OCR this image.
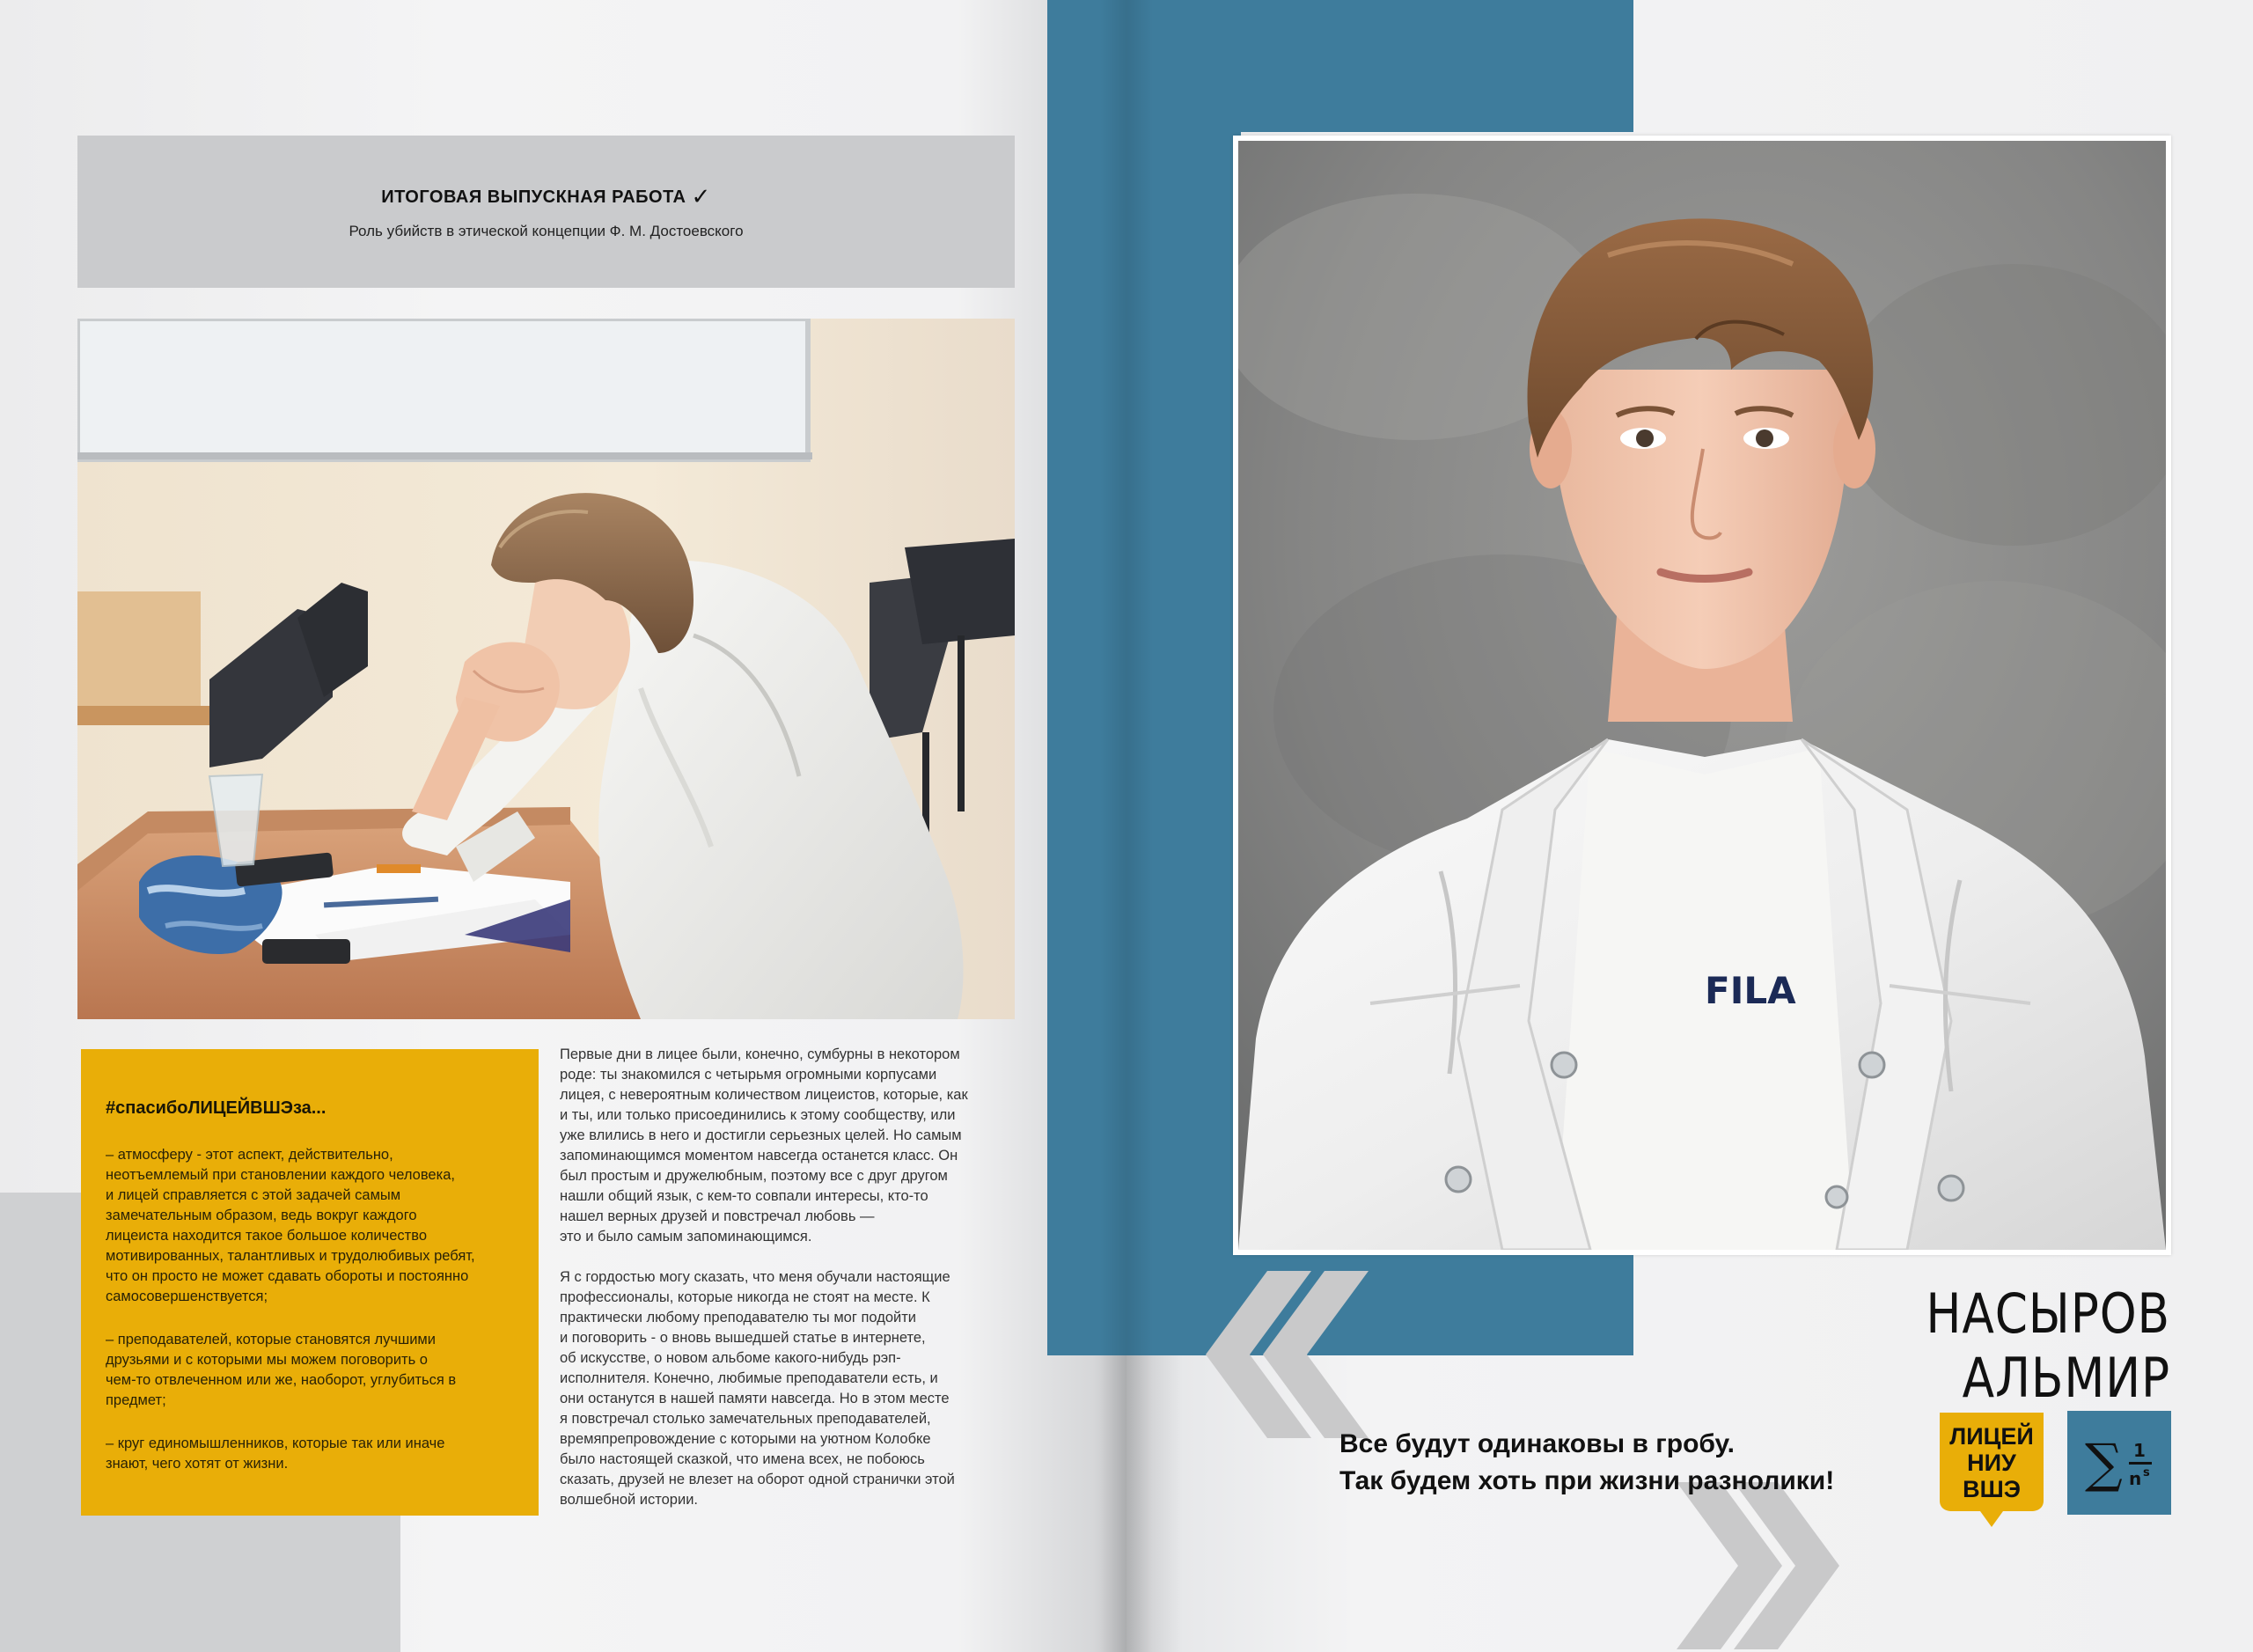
ИТОГОВАЯ ВЫПУСКНАЯ РАБОТА ✓
Роль убийств в этической концепции Ф. М. Достоевского
#спасибоЛИЦЕЙВШЭза...

– атмосферу - этот аспект, действительно,
неотъемлемый при становлении каждого человека,
и лицей справляется с этой задачей самым
замечательным образом, ведь вокруг каждого
лицеиста находится такое большое количество
мотивированных, талантливых и трудолюбивых ребят,
что он просто не может сдавать обороты и постоянно
самосовершенствуется;

– преподавателей, которые становятся лучшими
друзьями и с которыми мы можем поговорить о
чем-то отвлеченном или же, наоборот, углубиться в
предмет;

– круг единомышленников, которые так или иначе
знают, чего хотят от жизни.

Первые дни в лицее были, конечно, сумбурны в некотором
роде: ты знакомился с четырьмя огромными корпусами
лицея, с невероятным количеством лицеистов, которые, как
и ты, или только присоединились к этому сообществу, или
уже влились в него и достигли серьезных целей. Но самым
запоминающимся моментом навсегда останется класс. Он
был простым и дружелюбным, поэтому все с друг другом
нашли общий язык, с кем-то совпали интересы, кто-то
нашел верных друзей и повстречал любовь —
это и было самым запоминающимся.

Я с гордостью могу сказать, что меня обучали настоящие
профессионалы, которые никогда не стоят на месте. К
практически любому преподавателю ты мог подойти
и поговорить - о вновь вышедшей статье в интернете,
об искусстве, о новом альбоме какого-нибудь рэп-
исполнителя. Конечно, любимые преподаватели есть, и
они останутся в нашей памяти навсегда. Но в этом месте
я повстречал столько замечательных преподавателей,
времяпрепровождение с которыми на уютном Колобке
было настоящей сказкой, что имена всех, не побоюсь
сказать, друзей не влезет на оборот одной странички этой
волшебной истории.

FILA
НАСЫРОВ АЛЬМИР
Все будут одинаковы в гробу.
Так будем хоть при жизни разнолики!
ЛИЦЕЙ
НИУ
ВШЭ	∑ 1
n s
